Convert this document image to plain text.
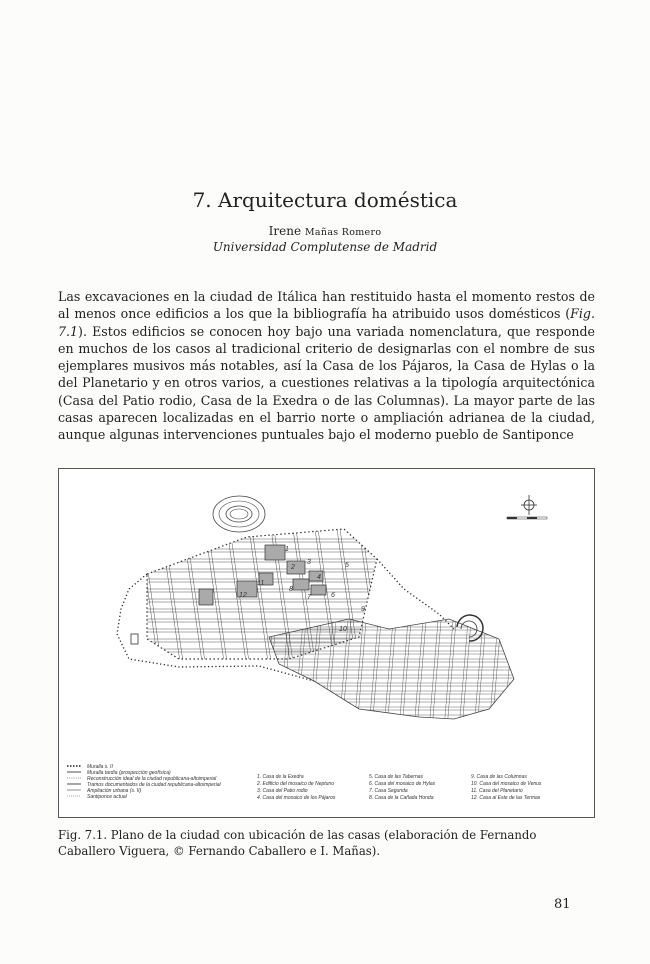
7. Arquitectura doméstica
Irene Mañas Romero
Universidad Complutense de Madrid

Las excavaciones en la ciudad de Itálica han restituido hasta el momento restos de al menos once edificios a los que la bibliografía ha atribuido usos domésticos (Fig. 7.1). Estos edificios se conocen hoy bajo una variada nomenclatura, que responde en muchos de los casos al tradicional criterio de designarlas con el nombre de sus ejemplares musivos más notables, así la Casa de los Pájaros, la Casa de Hylas o la del Planetario y en otros varios, a cuestiones relativas a la tipología arquitectónica (Casa del Patio rodio, Casa de la Exedra o de las Columnas). La mayor parte de las casas aparecen localizadas en el barrio norte o ampliación adrianea de la ciudad, aunque algunas intervenciones puntuales bajo el moderno pueblo de Santiponce

1
2
3
4
5
6
7
8
9
10
11
12
Muralla s. II
Muralla tardía (prospección geofísica)
Reconstrucción ideal de la ciudad republicana-altoimperial
Tramos documentados de la ciudad republicana-altoimperial
Ampliación urbana (s. II)
Santiponce actual
1. Casa de la Exedra
2. Edificio del mosaico de Neptuno
3. Casa del Patio rodio
4. Casa del mosaico de los Pájaros
5. Casa de las Tabernas
6. Casa del mosaico de Hylas
7. Casa Segunda
8. Casa de la Cañada Honda
9. Casa de las Columnas
10. Casa del mosaico de Venus
11. Casa del Planetario
12. Casa al Este de las Termas

Fig. 7.1. Plano de la ciudad con ubicación de las casas (elaboración de Fernando Caballero Viguera, © Fernando Caballero e I. Mañas).

81
